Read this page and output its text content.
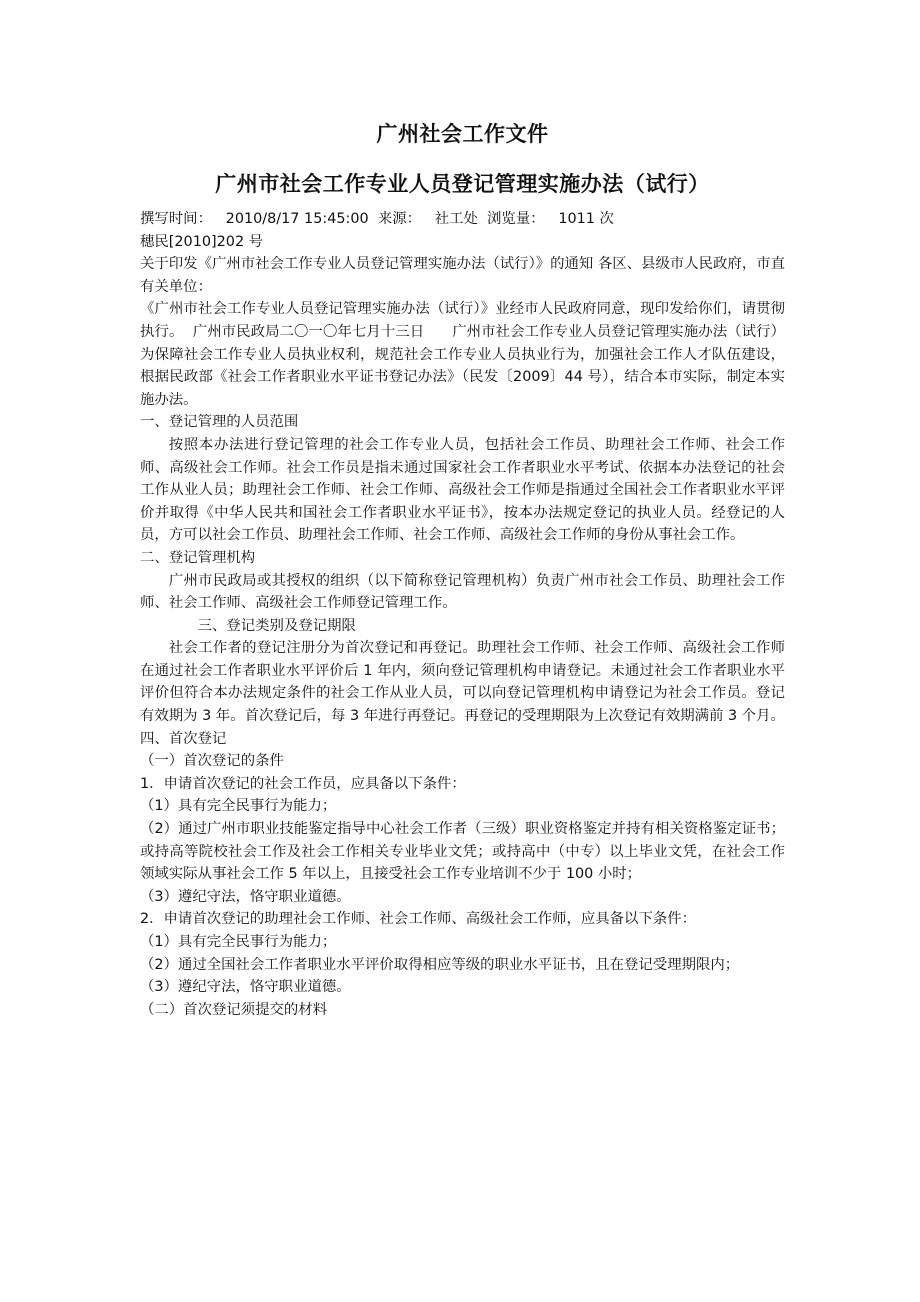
广州社会工作文件
广州市社会工作专业人员登记管理实施办法（试行）

撰写时间：   2010/8/17 15:45:00  来源：   社工处  浏览量：   1011 次

穗民[2010]202 号

关于印发《广州市社会工作专业人员登记管理实施办法（试行）》的通知 各区、县级市人民政府，市直有关单位：

《广州市社会工作专业人员登记管理实施办法（试行）》业经市人民政府同意，现印发给你们，请贯彻执行。  广州市民政局二〇一〇年七月十三日      广州市社会工作专业人员登记管理实施办法（试行）          为保障社会工作专业人员执业权利，规范社会工作专业人员执业行为，加强社会工作人才队伍建设，根据民政部《社会工作者职业水平证书登记办法》（民发〔2009〕44 号），结合本市实际，制定本实施办法。

一、登记管理的人员范围

按照本办法进行登记管理的社会工作专业人员，包括社会工作员、助理社会工作师、社会工作师、高级社会工作师。社会工作员是指未通过国家社会工作者职业水平考试、依据本办法登记的社会工作从业人员；助理社会工作师、社会工作师、高级社会工作师是指通过全国社会工作者职业水平评价并取得《中华人民共和国社会工作者职业水平证书》，按本办法规定登记的执业人员。经登记的人员，方可以社会工作员、助理社会工作师、社会工作师、高级社会工作师的身份从事社会工作。

二、登记管理机构

广州市民政局或其授权的组织（以下简称登记管理机构）负责广州市社会工作员、助理社会工作师、社会工作师、高级社会工作师登记管理工作。

三、登记类别及登记期限

社会工作者的登记注册分为首次登记和再登记。助理社会工作师、社会工作师、高级社会工作师在通过社会工作者职业水平评价后 1 年内，须向登记管理机构申请登记。未通过社会工作者职业水平评价但符合本办法规定条件的社会工作从业人员，可以向登记管理机构申请登记为社会工作员。登记有效期为 3 年。首次登记后，每 3 年进行再登记。再登记的受理期限为上次登记有效期满前 3 个月。

四、首次登记

（一）首次登记的条件

1．申请首次登记的社会工作员，应具备以下条件：

（1）具有完全民事行为能力；

（2）通过广州市职业技能鉴定指导中心社会工作者（三级）职业资格鉴定并持有相关资格鉴定证书；或持高等院校社会工作及社会工作相关专业毕业文凭；或持高中（中专）以上毕业文凭，在社会工作领域实际从事社会工作 5 年以上，且接受社会工作专业培训不少于 100 小时；

（3）遵纪守法，恪守职业道德。

2．申请首次登记的助理社会工作师、社会工作师、高级社会工作师，应具备以下条件：

（1）具有完全民事行为能力；

（2）通过全国社会工作者职业水平评价取得相应等级的职业水平证书，且在登记受理期限内；

（3）遵纪守法，恪守职业道德。

（二）首次登记须提交的材料
